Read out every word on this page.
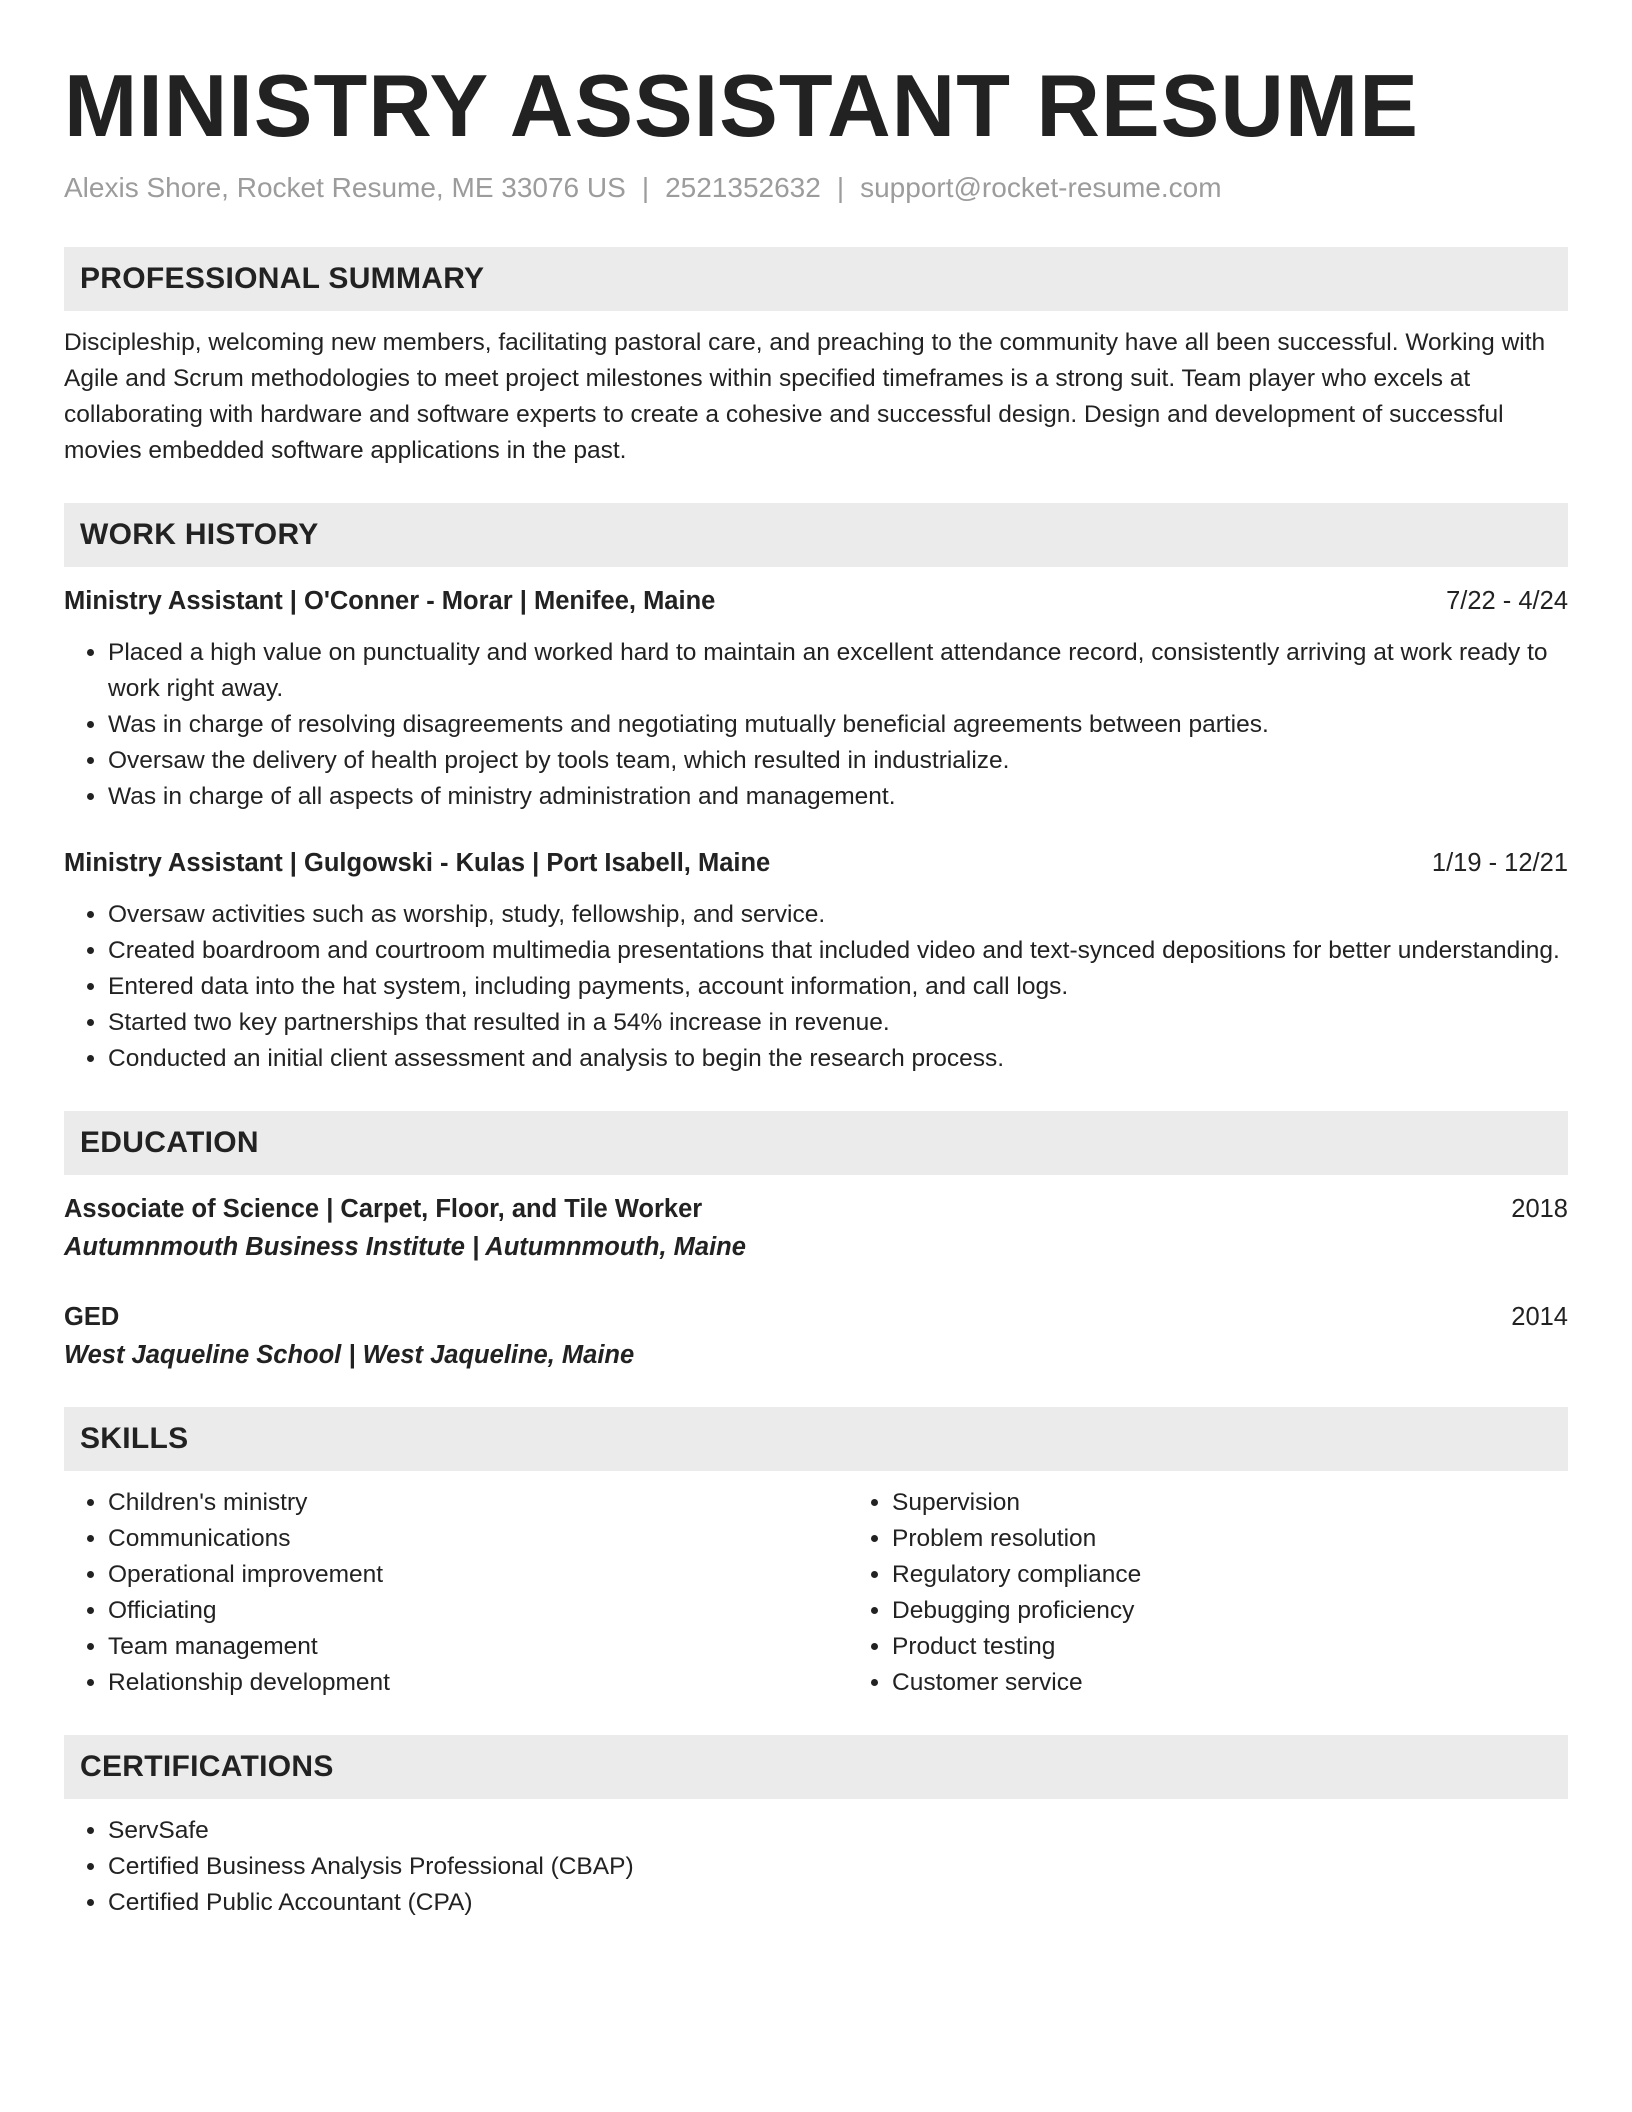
MINISTRY ASSISTANT RESUME
Alexis Shore, Rocket Resume, ME 33076 US | 2521352632 | support@rocket-resume.com
PROFESSIONAL SUMMARY

Discipleship, welcoming new members, facilitating pastoral care, and preaching to the community have all been successful. Working with Agile and Scrum methodologies to meet project milestones within specified timeframes is a strong suit. Team player who excels at collaborating with hardware and software experts to create a cohesive and successful design. Design and development of successful movies embedded software applications in the past.

WORK HISTORY
Ministry Assistant | O'Conner - Morar | Menifee, Maine	7/22 - 4/24
• Placed a high value on punctuality and worked hard to maintain an excellent attendance record, consistently arriving at work ready to work right away.
• Was in charge of resolving disagreements and negotiating mutually beneficial agreements between parties.
• Oversaw the delivery of health project by tools team, which resulted in industrialize.
• Was in charge of all aspects of ministry administration and management.
Ministry Assistant | Gulgowski - Kulas | Port Isabell, Maine	1/19 - 12/21
• Oversaw activities such as worship, study, fellowship, and service.
• Created boardroom and courtroom multimedia presentations that included video and text-synced depositions for better understanding.
• Entered data into the hat system, including payments, account information, and call logs.
• Started two key partnerships that resulted in a 54% increase in revenue.
• Conducted an initial client assessment and analysis to begin the research process.
EDUCATION
Associate of Science | Carpet, Floor, and Tile Worker	2018
Autumnmouth Business Institute | Autumnmouth, Maine
GED	2014
West Jaqueline School | West Jaqueline, Maine
SKILLS
• Children's ministry
• Communications
• Operational improvement
• Officiating
• Team management
• Relationship development
• Supervision
• Problem resolution
• Regulatory compliance
• Debugging proficiency
• Product testing
• Customer service
CERTIFICATIONS
• ServSafe
• Certified Business Analysis Professional (CBAP)
• Certified Public Accountant (CPA)
